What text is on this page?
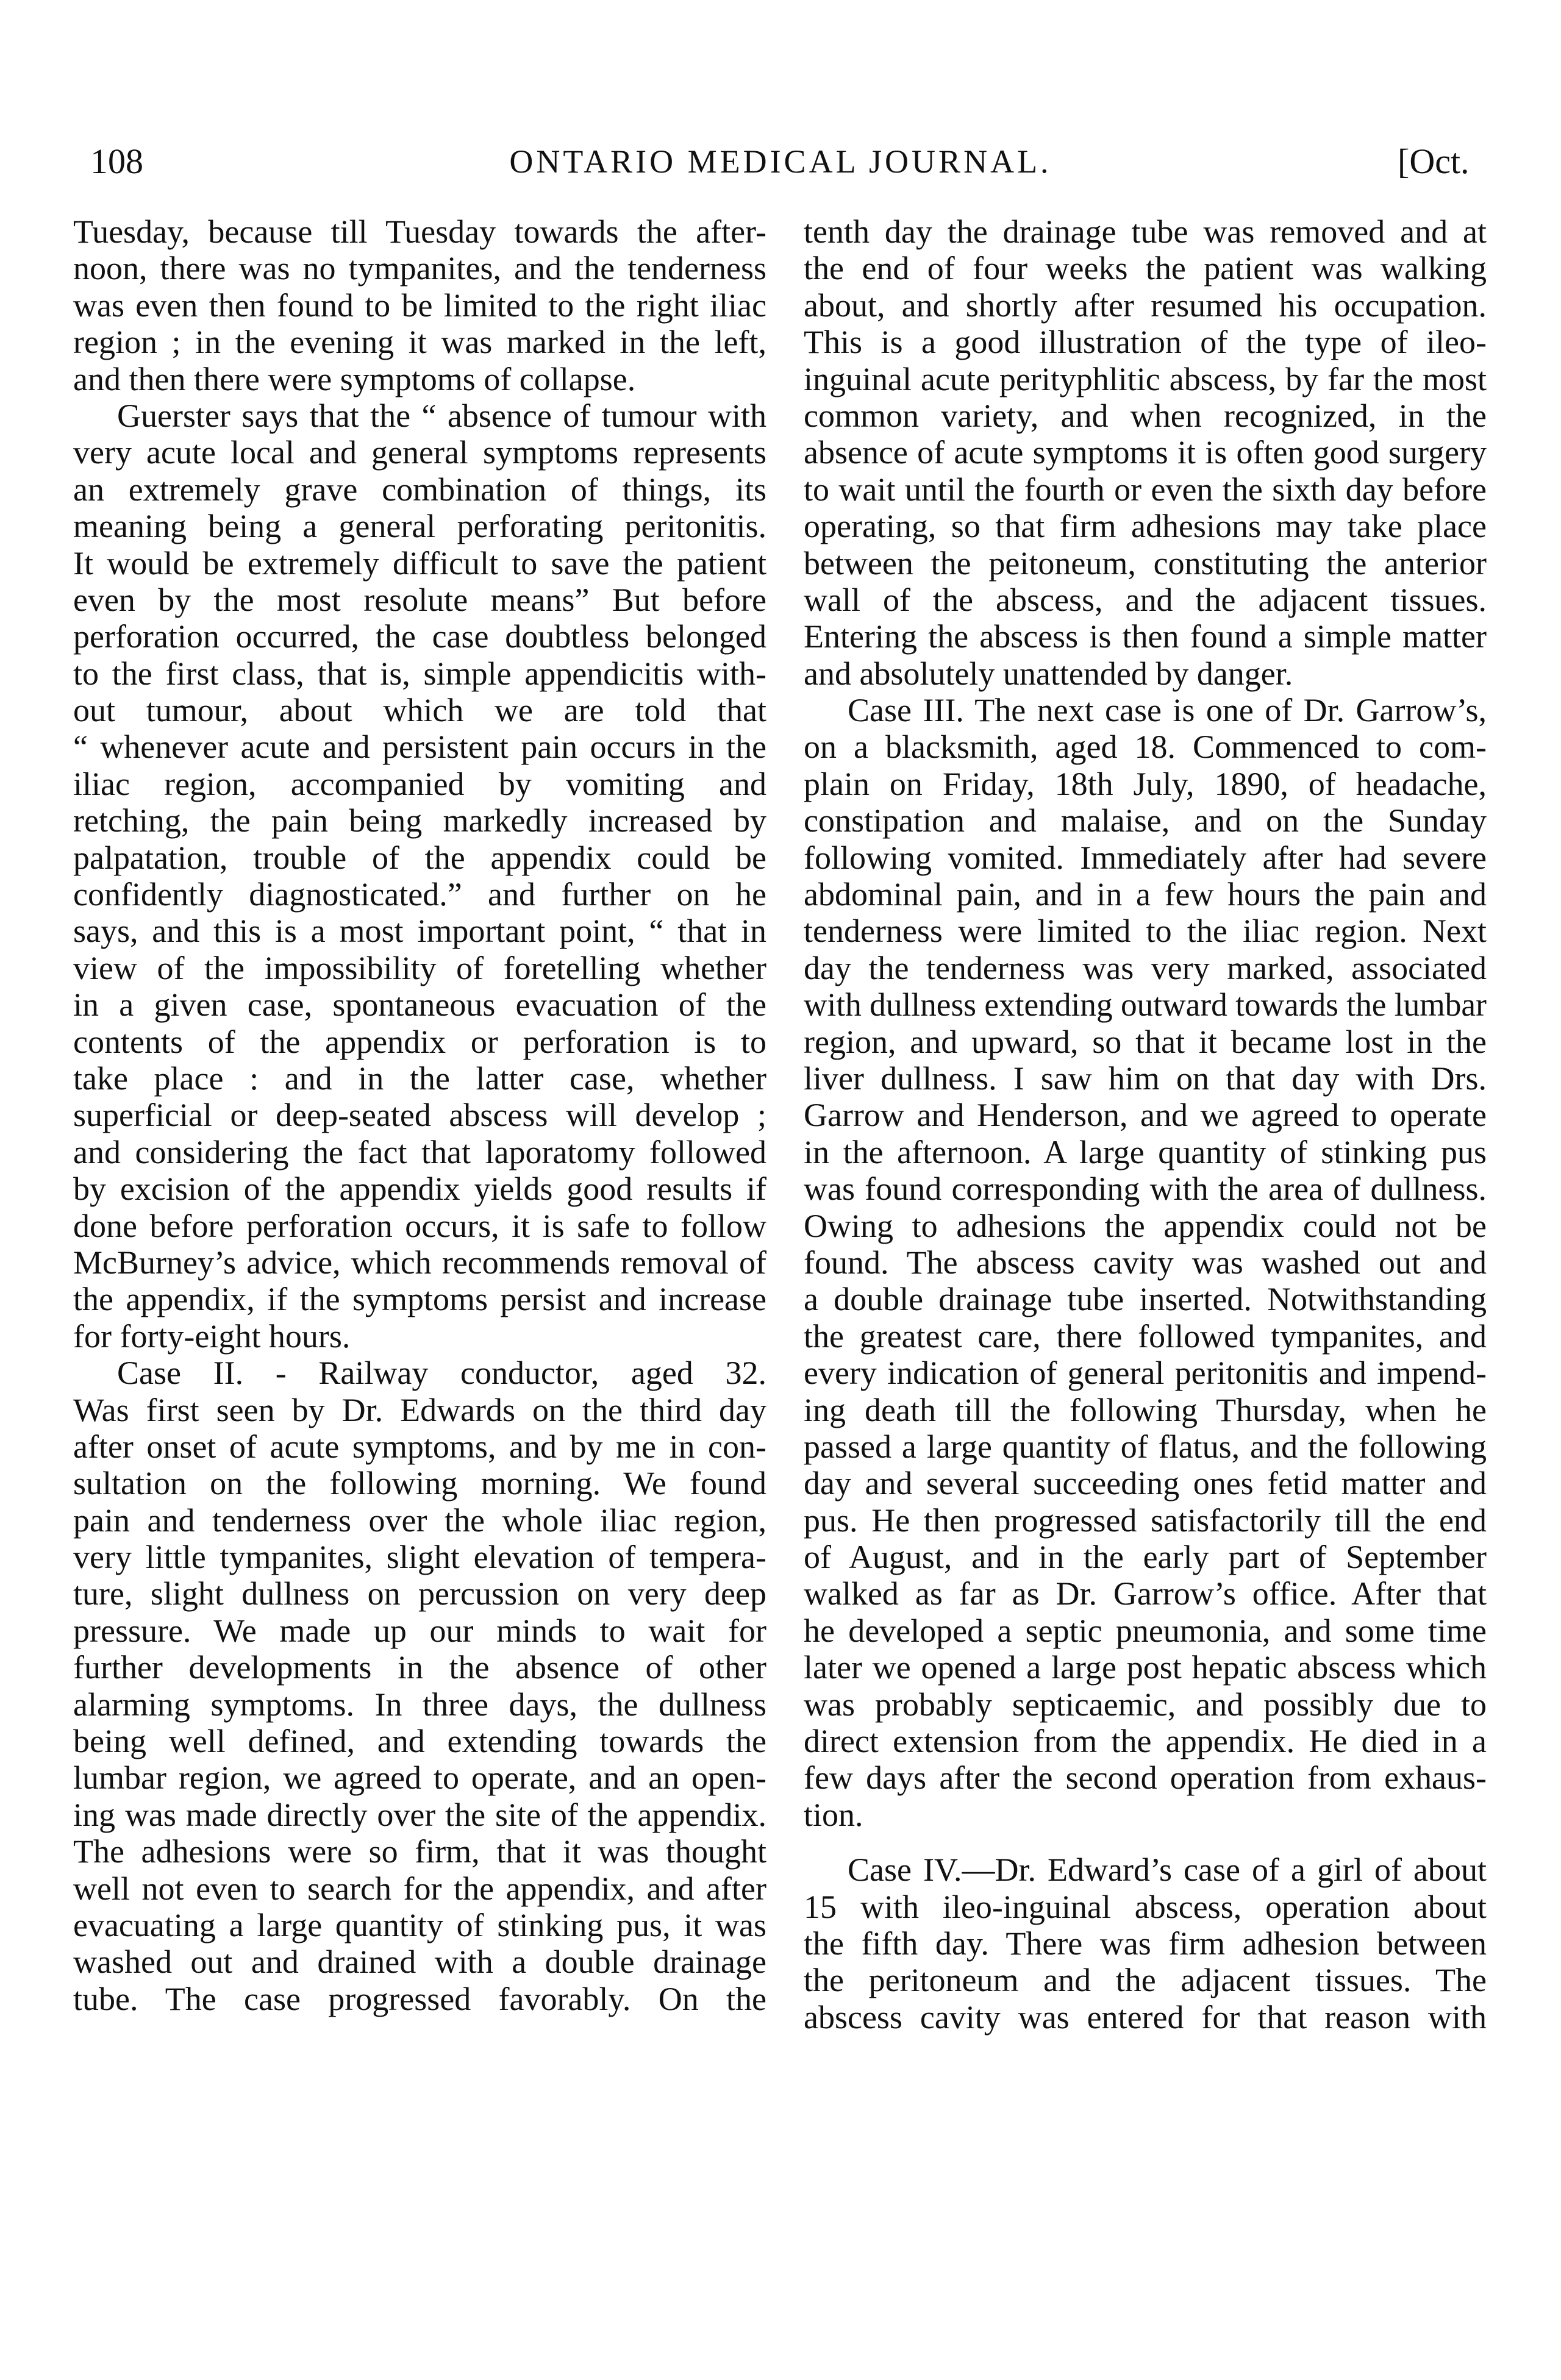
108	ONTARIO MEDICAL JOURNAL.	[Oct.
Tuesday, because till Tuesday towards the after-
noon, there was no tympanites, and the tenderness
was even then found to be limited to the right iliac
region ; in the evening it was marked in the left,
and then there were symptoms of collapse.
Guerster says that the “ absence of tumour with
very acute local and general symptoms represents
an extremely grave combination of things, its
meaning being a general perforating peritonitis.
It would be extremely difficult to save the patient
even by the most resolute means” But before
perforation occurred, the case doubtless belonged
to the first class, that is, simple appendicitis with-
out tumour, about which we are told that
“ whenever acute and persistent pain occurs in the
iliac region, accompanied by vomiting and
retching, the pain being markedly increased by
palpatation, trouble of the appendix could be
confidently diagnosticated.” and further on he
says, and this is a most important point, “ that in
view of the impossibility of foretelling whether
in a given case, spontaneous evacuation of the
contents of the appendix or perforation is to
take place : and in the latter case, whether
superficial or deep-seated abscess will develop ;
and considering the fact that laporatomy followed
by excision of the appendix yields good results if
done before perforation occurs, it is safe to follow
McBurney’s advice, which recommends removal of
the appendix, if the symptoms persist and increase
for forty-eight hours.
Case II. - Railway conductor, aged 32.
Was first seen by Dr. Edwards on the third day
after onset of acute symptoms, and by me in con-
sultation on the following morning. We found
pain and tenderness over the whole iliac region,
very little tympanites, slight elevation of tempera-
ture, slight dullness on percussion on very deep
pressure. We made up our minds to wait for
further developments in the absence of other
alarming symptoms. In three days, the dullness
being well defined, and extending towards the
lumbar region, we agreed to operate, and an open-
ing was made directly over the site of the appendix.
The adhesions were so firm, that it was thought
well not even to search for the appendix, and after
evacuating a large quantity of stinking pus, it was
washed out and drained with a double drainage
tube. The case progressed favorably. On the
tenth day the drainage tube was removed and at
the end of four weeks the patient was walking
about, and shortly after resumed his occupation.
This is a good illustration of the type of ileo-
inguinal acute perityphlitic abscess, by far the most
common variety, and when recognized, in the
absence of acute symptoms it is often good surgery
to wait until the fourth or even the sixth day before
operating, so that firm adhesions may take place
between the peitoneum, constituting the anterior
wall of the abscess, and the adjacent tissues.
Entering the abscess is then found a simple matter
and absolutely unattended by danger.
Case III. The next case is one of Dr. Garrow’s,
on a blacksmith, aged 18. Commenced to com-
plain on Friday, 18th July, 1890, of headache,
constipation and malaise, and on the Sunday
following vomited. Immediately after had severe
abdominal pain, and in a few hours the pain and
tenderness were limited to the iliac region. Next
day the tenderness was very marked, associated
with dullness extending outward towards the lumbar
region, and upward, so that it became lost in the
liver dullness. I saw him on that day with Drs.
Garrow and Henderson, and we agreed to operate
in the afternoon. A large quantity of stinking pus
was found corresponding with the area of dullness.
Owing to adhesions the appendix could not be
found. The abscess cavity was washed out and
a double drainage tube inserted. Notwithstanding
the greatest care, there followed tympanites, and
every indication of general peritonitis and impend-
ing death till the following Thursday, when he
passed a large quantity of flatus, and the following
day and several succeeding ones fetid matter and
pus. He then progressed satisfactorily till the end
of August, and in the early part of September
walked as far as Dr. Garrow’s office. After that
he developed a septic pneumonia, and some time
later we opened a large post hepatic abscess which
was probably septicaemic, and possibly due to
direct extension from the appendix. He died in a
few days after the second operation from exhaus-
tion.
Case IV.—Dr. Edward’s case of a girl of about
15 with ileo-inguinal abscess, operation about
the fifth day. There was firm adhesion between
the peritoneum and the adjacent tissues. The
abscess cavity was entered for that reason with
